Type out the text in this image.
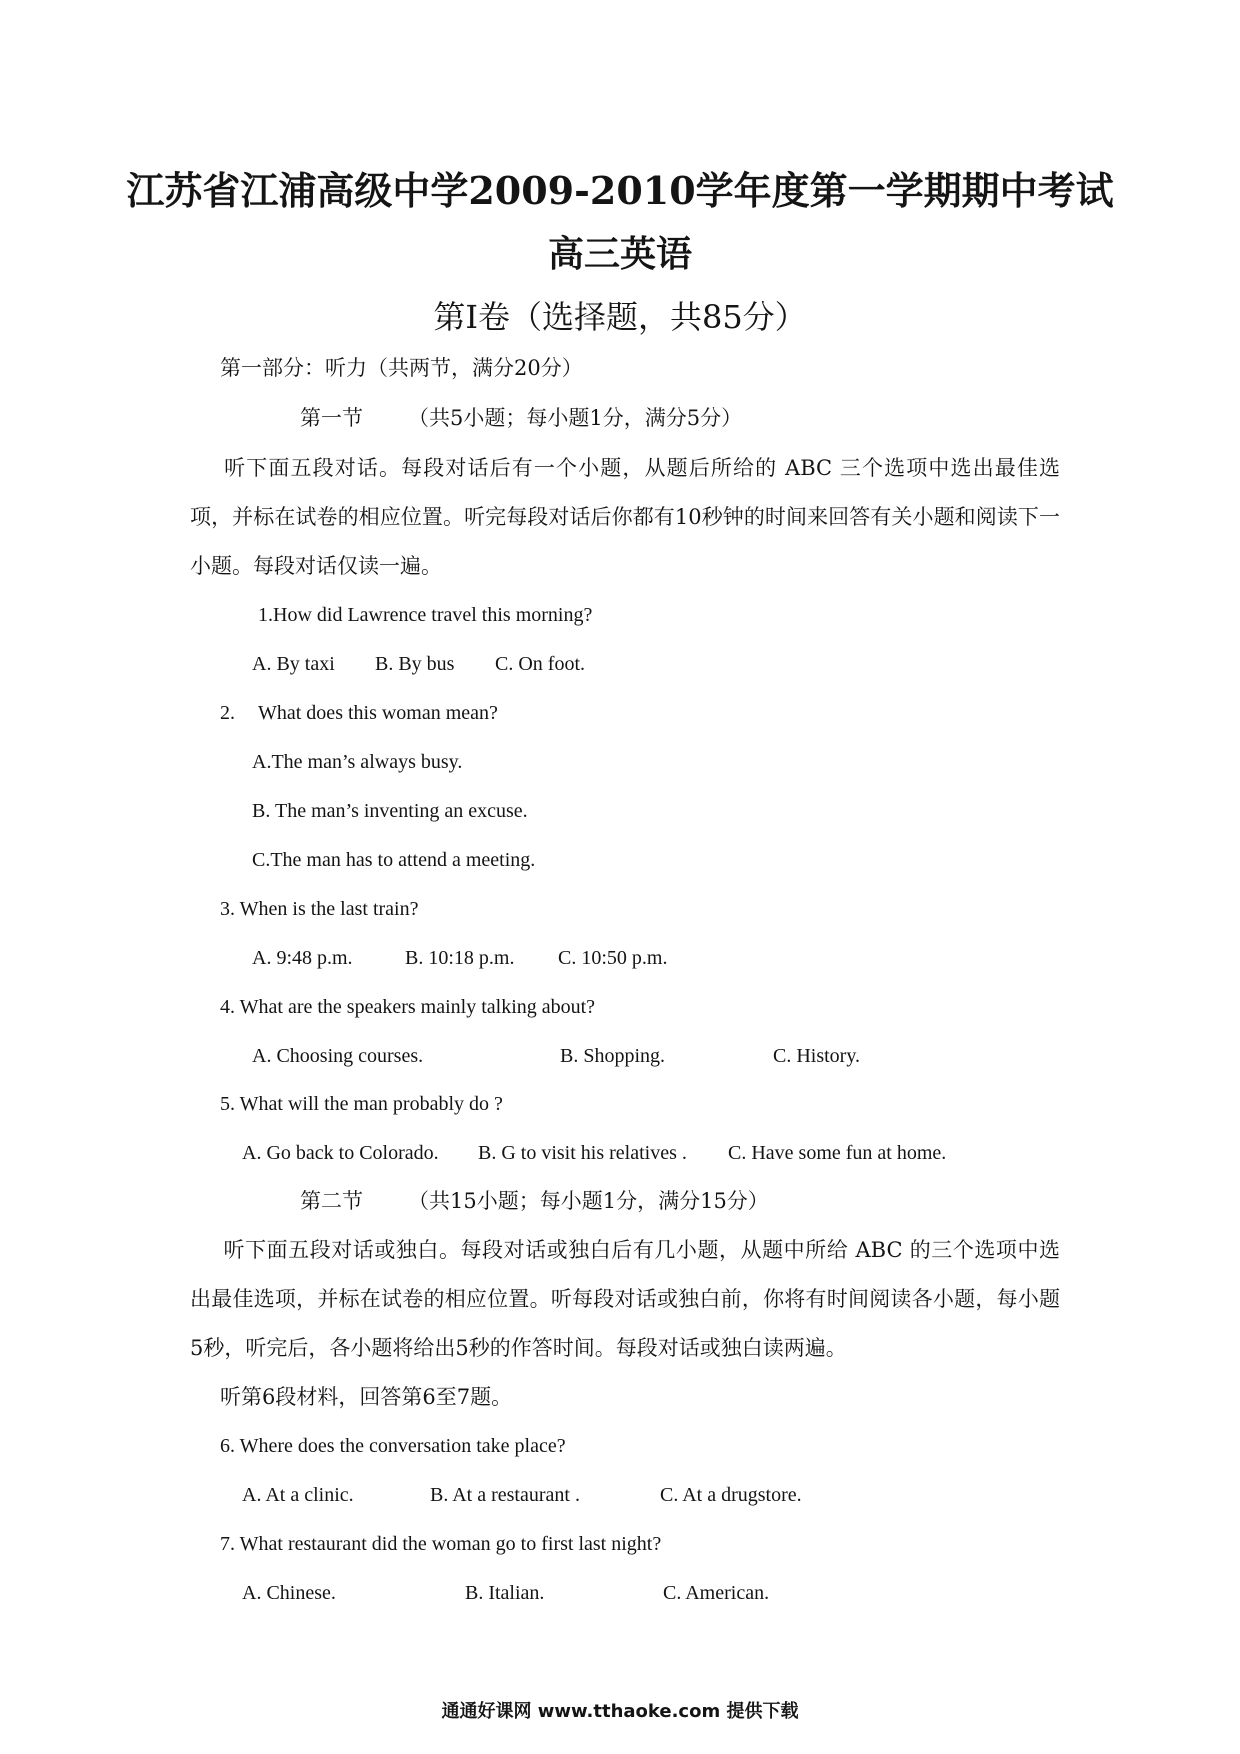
江苏省江浦高级中学2009-2010学年度第一学期期中考试
高三英语
第I卷（选择题，共85分）
第一部分：听力（共两节，满分20分）
第一节 （共5小题；每小题1分，满分5分）
听下面五段对话。每段对话后有一个小题，从题后所给的 ABC 三个选项中选出最佳选项，并标在试卷的相应位置。听完每段对话后你都有10秒钟的时间来回答有关小题和阅读下一小题。每段对话仅读一遍。
1.How did Lawrence travel this morning?
A. By taxi B. By bus C. On foot.
2. What does this woman mean?
A.The man’s always busy.
B. The man’s inventing an excuse.
C.The man has to attend a meeting.
3. When is the last train?
A. 9:48 p.m.	B. 10:18 p.m. C. 10:50 p.m.
4. What are the speakers mainly talking about?
A. Choosing courses.	B. Shopping.	C. History.
5. What will the man probably do ?
A. Go back to Colorado. B. G to visit his relatives . C. Have some fun at home.
第二节 （共15小题；每小题1分，满分15分）
听下面五段对话或独白。每段对话或独白后有几小题，从题中所给 ABC 的三个选项中选出最佳选项，并标在试卷的相应位置。听每段对话或独白前，你将有时间阅读各小题，每小题5秒，听完后，各小题将给出5秒的作答时间。每段对话或独白读两遍。
听第6段材料，回答第6至7题。
6. Where does the conversation take place?
A. At a clinic.	B. At a restaurant .	C. At a drugstore.
7. What restaurant did the woman go to first last night?
A. Chinese.	B. Italian.	C. American.
通通好课网 www.tthaoke.com 提供下载
